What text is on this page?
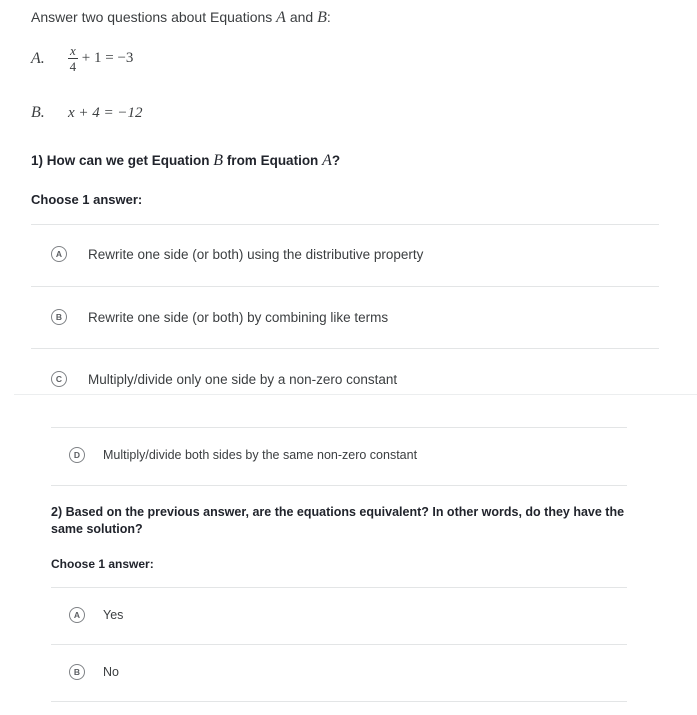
Answer two questions about Equations A and B:
A.	$\frac{x}{4} + 1 = -3$
B.	x + 4 = −12
1) How can we get Equation B from Equation A?
Choose 1 answer:
A	Rewrite one side (or both) using the distributive property
B	Rewrite one side (or both) by combining like terms
C	Multiply/divide only one side by a non-zero constant
D	Multiply/divide both sides by the same non-zero constant
2) Based on the previous answer, are the equations equivalent? In other words, do they have the same solution?
Choose 1 answer:
A	Yes
B	No
